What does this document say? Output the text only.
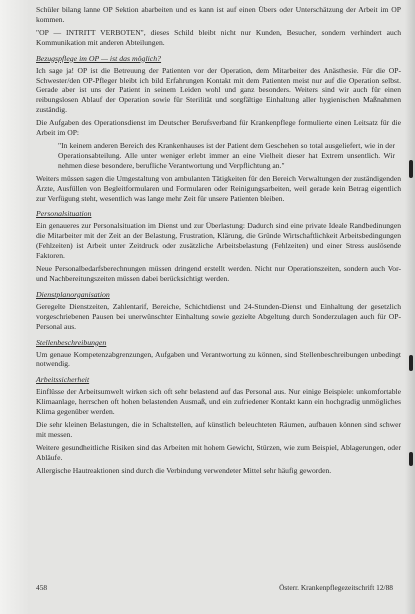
Schüler bilang lanne OP Sektion abarbeiten und es kann ist auf einen Übers oder Unterschätzung der Arbeit im OP kommen.

"OP — INTRITT VERBOTEN", dieses Schild bleibt nicht nur Kunden, Besucher, sondern verhindert auch Kommunikation mit anderen Abteilungen.

Bezugspflege im OP — ist das möglich?

Ich sage ja! OP ist die Betreuung der Patienten vor der Operation, dem Mitarbeiter des Anästhesie. Für die OP-Schwester/den OP-Pfleger bleibt ich bild Erfahrungen Kontakt mit dem Patienten meist nur auf die Operation selbst. Gerade aber ist uns der Patient in seinem Leiden wohl und ganz besonders. Weiters sind wir auch für einen reibungslosen Ablauf der Operation sowie für Sterilität und sorgfältige Einhaltung aller hygienischen Maßnahmen zuständig.

Die Aufgaben des Operationsdienst im Deutscher Berufsverband für Krankenpflege formulierte einen Leitsatz für die Arbeit im OP:

"In keinem anderen Bereich des Krankenhauses ist der Patient dem Geschehen so total ausgeliefert, wie in der Operationsabteilung. Alle unter weniger erlebt immer an eine Vielheit dieser hat Extrem unsentlich. Wir nehmen diese besondere, berufliche Verantwortung und Verpflichtung an."

Weiters müssen sagen die Umgestaltung von ambulanten Tätigkeiten für den Bereich Verwaltungen der zuständigenden Ärzte, Ausfüllen von Begleitformularen und Formularen oder Reinigungsarbeiten, weil gerade kein Betrag eigentlich zur Verfügung steht, wesentlich was lange mehr Zeit für unsere Patienten bleiben.

Personalsituation

Ein genaueres zur Personalsituation im Dienst und zur Überlastung: Dadurch sind eine private Ideale Randbedinungen die Mitarbeiter mit der Zeit an der Belastung, Frustration, Klärung, die Gründe Wirtschaftlichkeit Arbeitsbedingungen (Fehlzeiten) ist Arbeit unter Zeitdruck oder zusätzliche Arbeitsbelastung (Fehlzeiten) und einer Stress auslösende Faktoren.

Neue Personalbedarfsberechnungen müssen dringend erstellt werden. Nicht nur Operationszeiten, sondern auch Vor- und Nachbereitungszeiten müssen dabei berücksichtigt werden.

Dienstplanorganisation

Geregelte Dienstzeiten, Zahlentarif, Bereiche, Schichtdienst und 24-Stunden-Dienst und Einhaltung der gesetzlich vorgeschriebenen Pausen bei unerwünschter Einhaltung sowie gezielte Abgeltung durch Sonderzulagen auch für OP-Personal aus.

Stellenbeschreibungen

Um genaue Kompetenzabgrenzungen, Aufgaben und Verantwortung zu können, sind Stellenbeschreibungen unbedingt notwendig.

Arbeitssicherheit

Einflüsse der Arbeitsumwelt wirken sich oft sehr belastend auf das Personal aus. Nur einige Beispiele: unkomfortable Klimaanlage, herrschen oft hohen belastenden Ausmaß, und ein zufriedener Kontakt kann ein hochgradig unmögliches Klima gegenüber werden.

Die sehr kleinen Belastungen, die in Schaltstellen, auf künstlich beleuchteten Räumen, aufbauen können sind schwer mit messen.

Weitere gesundheitliche Risiken sind das Arbeiten mit hohem Gewicht, Stürzen, wie zum Beispiel, Ablagerungen, oder Abläufe.

Allergische Hautreaktionen sind durch die Verbindung verwendeter Mittel sehr häufig geworden.

458	Österr. Krankenpflegezeitschrift 12/88
